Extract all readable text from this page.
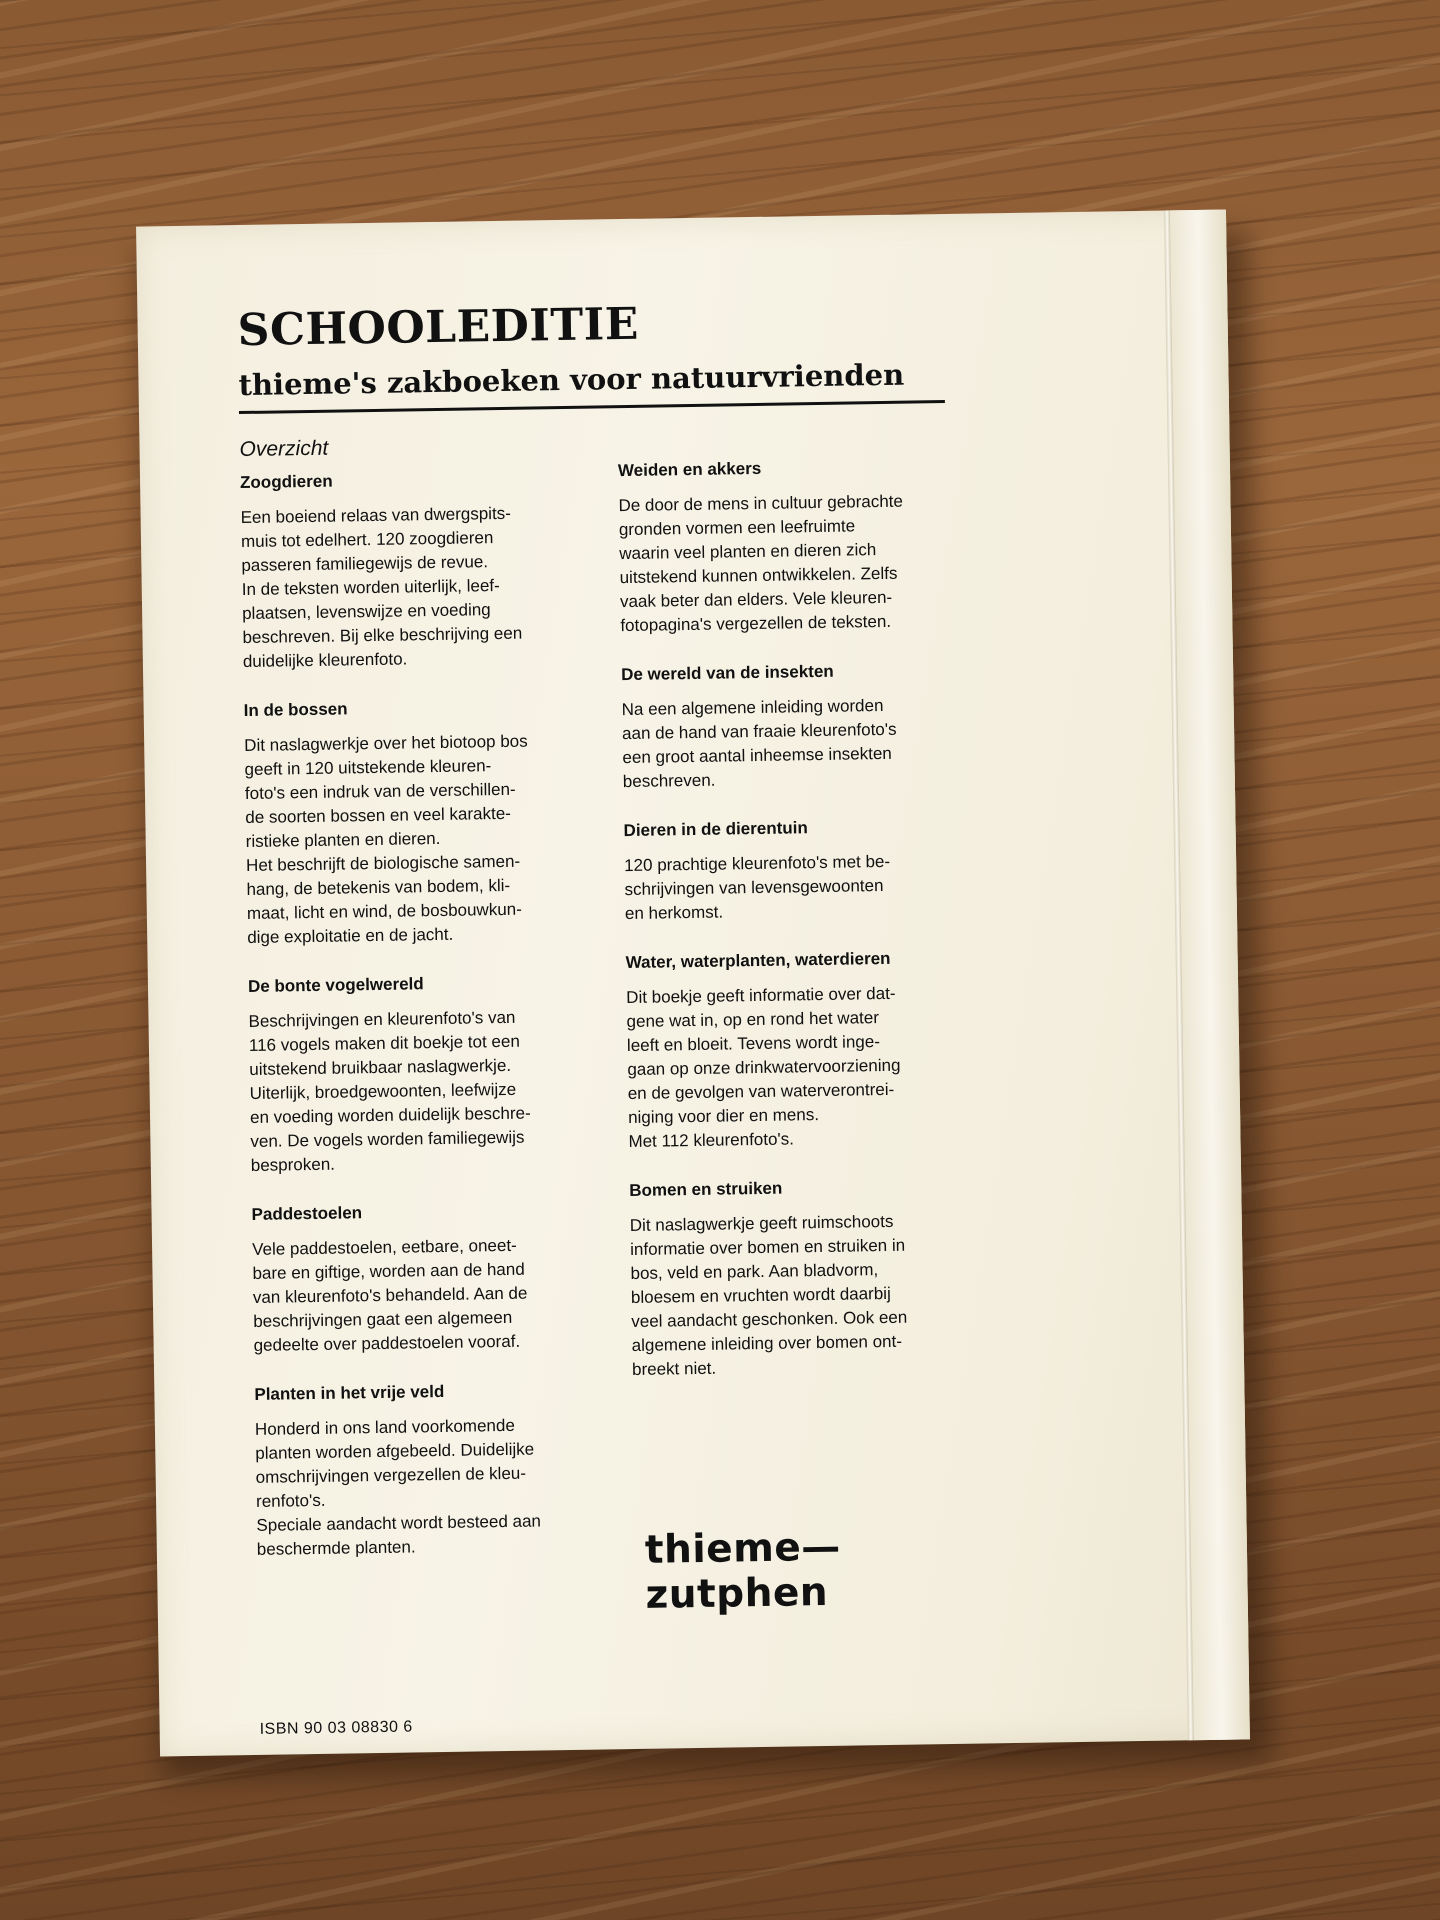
SCHOOLEDITIE
thieme's zakboeken voor natuurvrienden

Overzicht

Zoogdieren

Een boeiend relaas van dwergspits-
muis tot edelhert. 120 zoogdieren
passeren familiegewijs de revue.
In de teksten worden uiterlijk, leef-
plaatsen, levenswijze en voeding
beschreven. Bij elke beschrijving een
duidelijke kleurenfoto.

In de bossen

Dit naslagwerkje over het biotoop bos
geeft in 120 uitstekende kleuren-
foto's een indruk van de verschillen-
de soorten bossen en veel karakte-
ristieke planten en dieren.
Het beschrijft de biologische samen-
hang, de betekenis van bodem, kli-
maat, licht en wind, de bosbouwkun-
dige exploitatie en de jacht.

De bonte vogelwereld

Beschrijvingen en kleurenfoto's van
116 vogels maken dit boekje tot een
uitstekend bruikbaar naslagwerkje.
Uiterlijk, broedgewoonten, leefwijze
en voeding worden duidelijk beschre-
ven. De vogels worden familiegewijs
besproken.

Paddestoelen

Vele paddestoelen, eetbare, oneet-
bare en giftige, worden aan de hand
van kleurenfoto's behandeld. Aan de
beschrijvingen gaat een algemeen
gedeelte over paddestoelen vooraf.

Planten in het vrije veld

Honderd in ons land voorkomende
planten worden afgebeeld. Duidelijke
omschrijvingen vergezellen de kleu-
renfoto's.
Speciale aandacht wordt besteed aan
beschermde planten.

ISBN 90 03 08830 6

Weiden en akkers

De door de mens in cultuur gebrachte
gronden vormen een leefruimte
waarin veel planten en dieren zich
uitstekend kunnen ontwikkelen. Zelfs
vaak beter dan elders. Vele kleuren-
fotopagina's vergezellen de teksten.

De wereld van de insekten

Na een algemene inleiding worden
aan de hand van fraaie kleurenfoto's
een groot aantal inheemse insekten
beschreven.

Dieren in de dierentuin

120 prachtige kleurenfoto's met be-
schrijvingen van levensgewoonten
en herkomst.

Water, waterplanten, waterdieren

Dit boekje geeft informatie over dat-
gene wat in, op en rond het water
leeft en bloeit. Tevens wordt inge-
gaan op onze drinkwatervoorziening
en de gevolgen van waterverontrei-
niging voor dier en mens.
Met 112 kleurenfoto's.

Bomen en struiken

Dit naslagwerkje geeft ruimschoots
informatie over bomen en struiken in
bos, veld en park. Aan bladvorm,
bloesem en vruchten wordt daarbij
veel aandacht geschonken. Ook een
algemene inleiding over bomen ont-
breekt niet.

thieme—zutphen
